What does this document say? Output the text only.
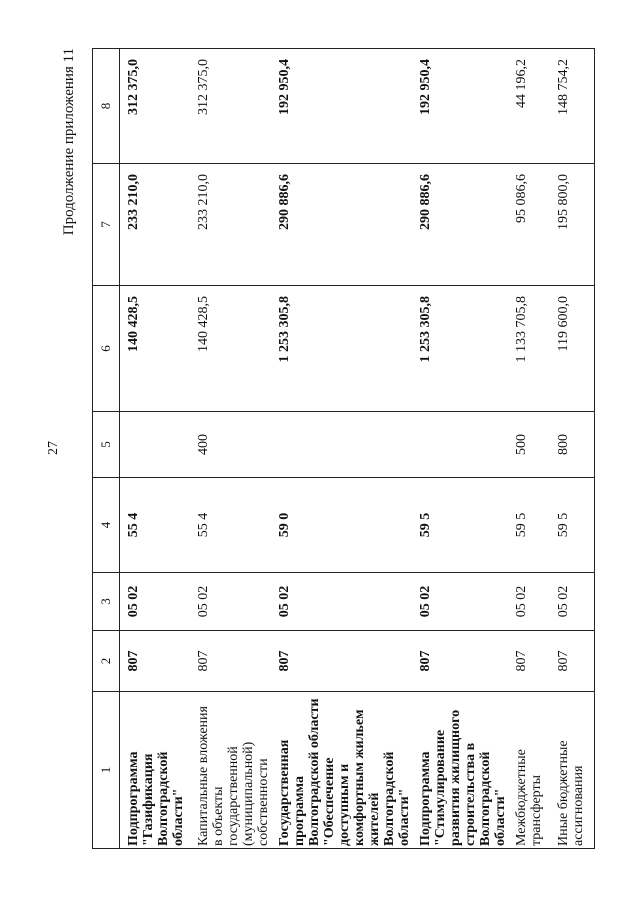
27
Продолжение приложения 11
1	2	3	4	5	6	7	8
Подпрограмма "Газификация Волгоградской области"	807	05 02	55 4		140 428,5	233 210,0	312 375,0
Капитальные вложения в объекты государственной (муниципальной) собственности	807	05 02	55 4	400	140 428,5	233 210,0	312 375,0
Государственная программа Волгоградской области "Обеспечение доступным и комфортным жильем жителей Волгоградской области"	807	05 02	59 0		1 253 305,8	290 886,6	192 950,4
Подпрограмма "Стимулирование развития жилищного строительства в Волгоградской области"	807	05 02	59 5		1 253 305,8	290 886,6	192 950,4
Межбюджетные трансферты	807	05 02	59 5	500	1 133 705,8	95 086,6	44 196,2
Иные бюджетные ассигнования	807	05 02	59 5	800	119 600,0	195 800,0	148 754,2
